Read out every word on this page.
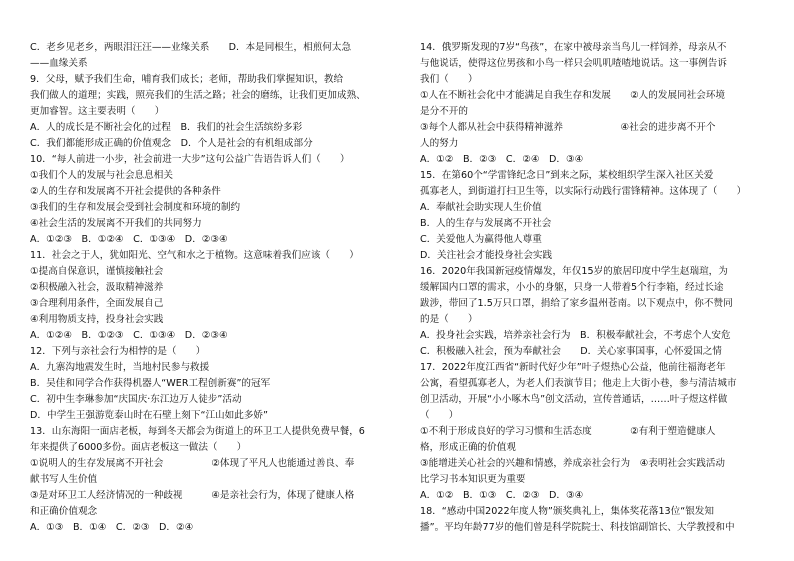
C．老乡见老乡，两眼泪汪汪——业缘关系　　D．本是同根生，相煎何太急
——血缘关系
9．父母，赋予我们生命，哺育我们成长；老师，帮助我们掌握知识，教给
我们做人的道理；实践，照亮我们的生活之路；社会的磨练，让我们更加成熟、
更加睿智。这主要表明（　　）
A．人的成长是不断社会化的过程　B．我们的社会生活缤纷多彩
C．我们都能形成正确的价值观念　D．个人是社会的有机组成部分
10．“每人前进一小步，社会前进一大步”这句公益广告语告诉人们（　　）
①我们个人的发展与社会息息相关
②人的生存和发展离不开社会提供的各种条件
③我们的生存和发展会受到社会制度和环境的制约
④社会生活的发展离不开我们的共同努力
A．①②③　B．①②④　C．①③④　D．②③④
11．社会之于人，犹如阳光、空气和水之于植物。这意味着我们应该（　　）
①提高自保意识，谨慎接触社会
②积极融入社会，汲取精神滋养
③合理利用条件，全面发展自己
④利用物质支持，投身社会实践
A．①②④　B．①②③　C．①③④　D．②③④
12．下列与亲社会行为相悖的是（　　）
A．九寨沟地震发生时，当地村民参与救援
B．吴佳和同学合作获得机器人“WER工程创新赛”的冠军
C．初中生李琳参加“庆国庆·东江边万人徒步”活动
D．中学生王强游览泰山时在石壁上刻下“江山如此多娇”
13．山东海阳一面店老板，每到冬天都会为街道上的环卫工人提供免费早餐，6
年来提供了6000多份。面店老板这一做法（　　）
①说明人的生存发展离不开社会　　　　　②体现了平凡人也能通过善良、奉
献书写人生价值
③是对环卫工人经济情况的一种歧视　　　④是亲社会行为，体现了健康人格
和正确价值观念
A．①③　B．①④　C．②③　D．②④
14．俄罗斯发现的7岁“鸟孩”，在家中被母亲当鸟儿一样饲养，母亲从不
与他说话，使得这位男孩和小鸟一样只会叽叽喳喳地说话。这一事例告诉
我们（　　）
①人在不断社会化中才能满足自我生存和发展　　②人的发展同社会环境
是分不开的
③每个人都从社会中获得精神滋养　　　　　　④社会的进步离不开个
人的努力
A．①②　B．②③　C．②④　D．③④
15．在第60个“学雷锋纪念日”到来之际，某校组织学生深入社区关爱
孤寡老人，到街道打扫卫生等，以实际行动践行雷锋精神。这体现了（　　）
A．奉献社会助实现人生价值
B．人的生存与发展离不开社会
C．关爱他人为赢得他人尊重
D．关注社会才能投身社会实践
16．2020年我国新冠疫情爆发，年仅15岁的旅居印度中学生赵瑞瑄，为
缓解国内口罩的需求，小小的身躯，只身一人带着5个行李箱，经过长途
跋涉，带回了1.5万只口罩，捐给了家乡温州苍南。以下观点中，你不赞同
的是（　　）
A．投身社会实践，培养亲社会行为　B．积极奉献社会，不考虑个人安危
C．积极融入社会，预为奉献社会　　D．关心家事国事，心怀爱国之情
17．2022年度江西省“新时代好少年”叶子煜热心公益，他前往福海老年
公寓，看望孤寡老人，为老人们表演节目；他走上大街小巷，参与清洁城市
创卫活动，开展“小小啄木鸟”创文活动，宣传普通话，……叶子煜这样做
（　　）
①不利于形成良好的学习习惯和生活态度　　　　②有利于塑造健康人
格，形成正确的价值观
③能增进关心社会的兴趣和情感，养成亲社会行为　④表明社会实践活动
比学习书本知识更为重要
A．①②　B．①③　C．②③　D．③④
18．“感动中国2022年度人物”颁奖典礼上，集体奖花落13位“银发知
播”。平均年龄77岁的他们曾是科学院院士、科技馆副馆长、大学教授和中
